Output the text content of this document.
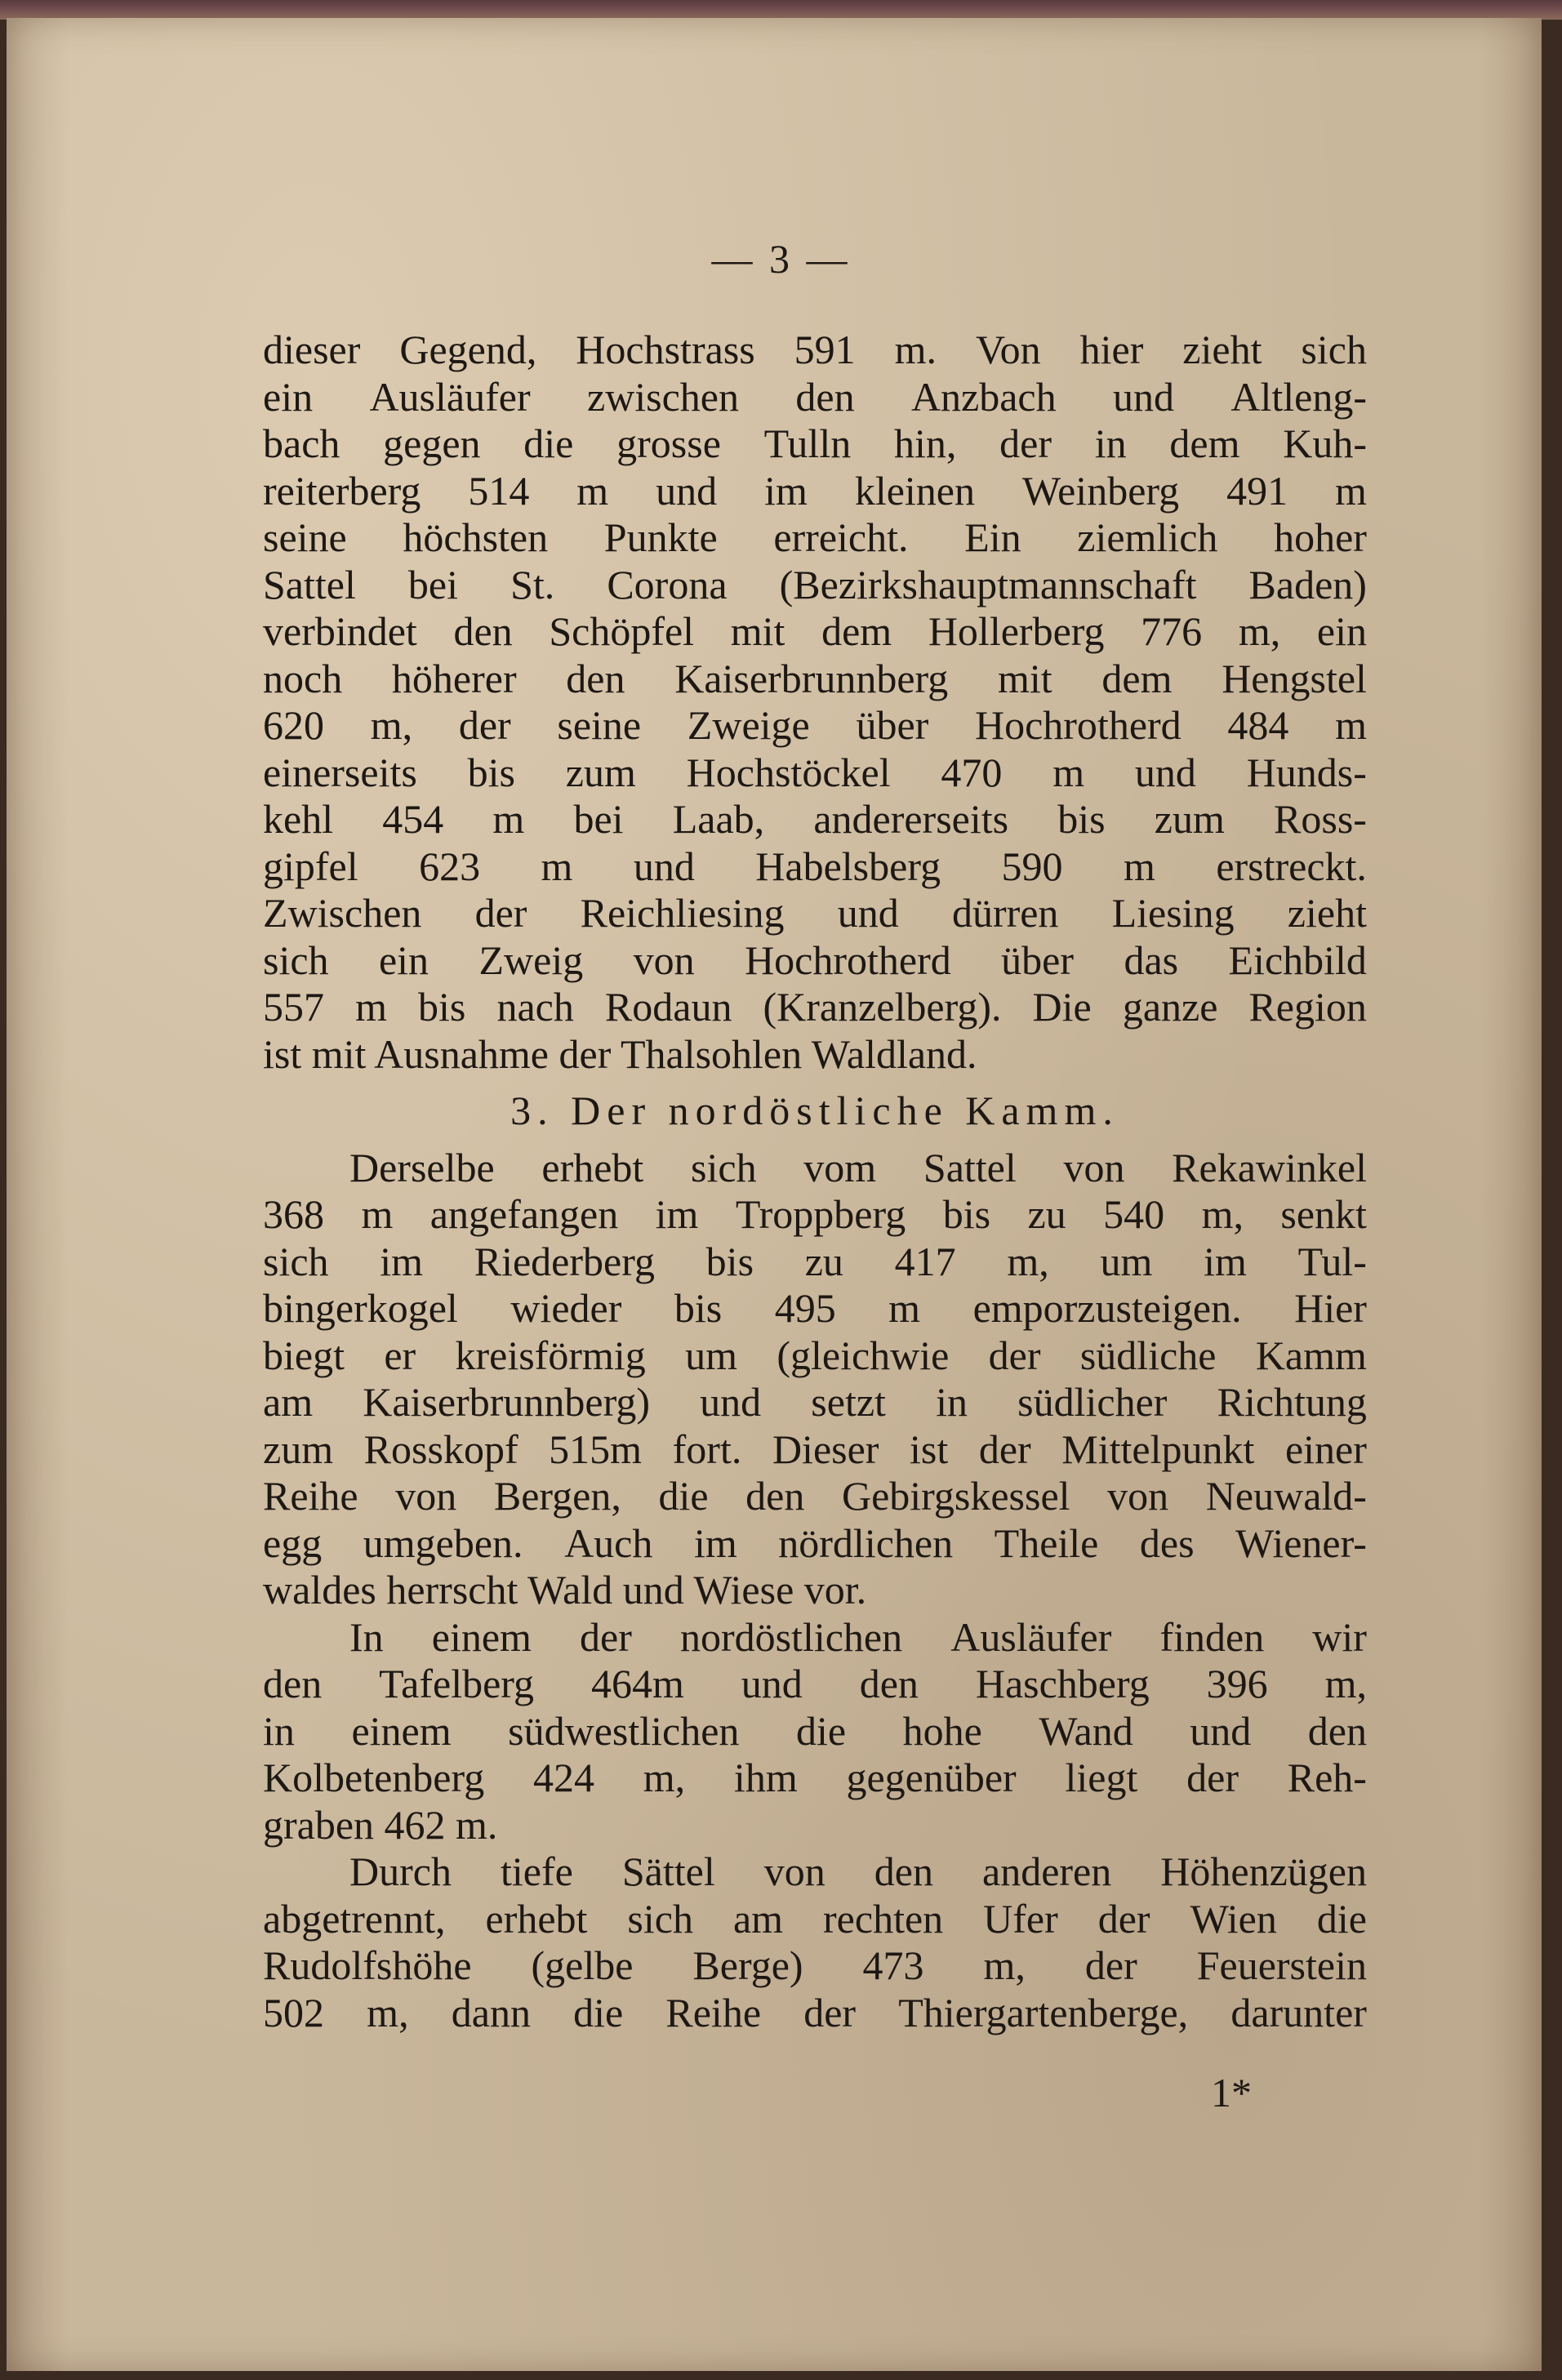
— 3 —
dieser Gegend, Hochstrass 591 m. Von hier zieht sich
ein Ausläufer zwischen den Anzbach und Altleng-
bach gegen die grosse Tulln hin, der in dem Kuh-
reiterberg 514 m und im kleinen Weinberg 491 m
seine höchsten Punkte erreicht. Ein ziemlich hoher
Sattel bei St. Corona (Bezirkshauptmannschaft Baden)
verbindet den Schöpfel mit dem Hollerberg 776 m, ein
noch höherer den Kaiserbrunnberg mit dem Hengstel
620 m, der seine Zweige über Hochrotherd 484 m
einerseits bis zum Hochstöckel 470 m und Hunds-
kehl 454 m bei Laab, andererseits bis zum Ross-
gipfel 623 m und Habelsberg 590 m erstreckt.
Zwischen der Reichliesing und dürren Liesing zieht
sich ein Zweig von Hochrotherd über das Eichbild
557 m bis nach Rodaun (Kranzelberg). Die ganze Region
ist mit Ausnahme der Thalsohlen Waldland.
3. Der nordöstliche Kamm.
Derselbe erhebt sich vom Sattel von Rekawinkel
368 m angefangen im Troppberg bis zu 540 m, senkt
sich im Riederberg bis zu 417 m, um im Tul-
bingerkogel wieder bis 495 m emporzusteigen. Hier
biegt er kreisförmig um (gleichwie der südliche Kamm
am Kaiserbrunnberg) und setzt in südlicher Richtung
zum Rosskopf 515m fort. Dieser ist der Mittelpunkt einer
Reihe von Bergen, die den Gebirgskessel von Neuwald-
egg umgeben. Auch im nördlichen Theile des Wiener-
waldes herrscht Wald und Wiese vor.
In einem der nordöstlichen Ausläufer finden wir
den Tafelberg 464m und den Haschberg 396 m,
in einem südwestlichen die hohe Wand und den
Kolbetenberg 424 m, ihm gegenüber liegt der Reh-
graben 462 m.
Durch tiefe Sättel von den anderen Höhenzügen
abgetrennt, erhebt sich am rechten Ufer der Wien die
Rudolfshöhe (gelbe Berge) 473 m, der Feuerstein
502 m, dann die Reihe der Thiergartenberge, darunter
1*
